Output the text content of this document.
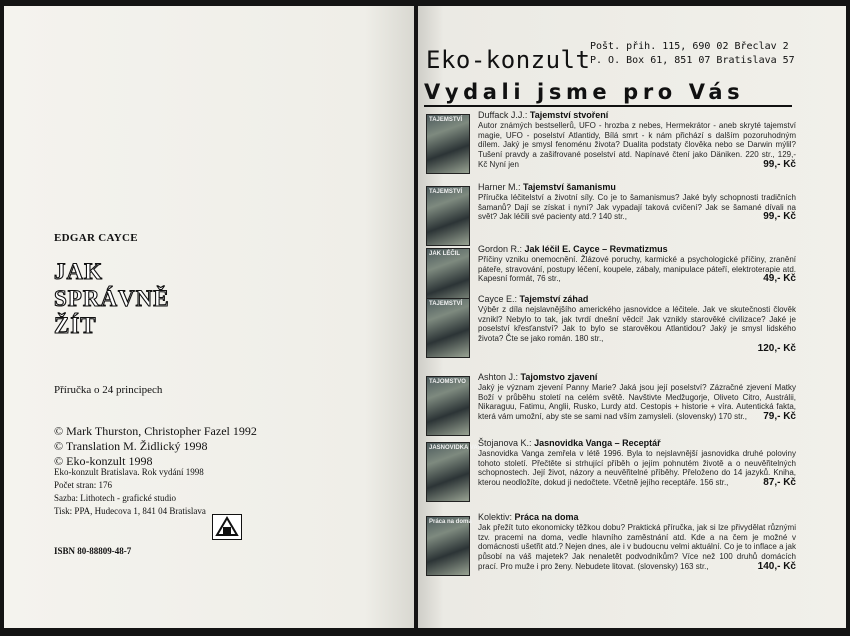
EDGAR CAYCE
JAK
SPRÁVNĚ
ŽÍT
Příručka o 24 principech
© Mark Thurston, Christopher Fazel 1992
© Translation M. Židlický 1998
© Eko-konzult 1998
Eko-konzult Bratislava. Rok vydání 1998
Počet stran: 176
Sazba: Lithotech - grafické studio
Tisk: PPA, Hudecova 1, 841 04 Bratislava
ISBN 80-88809-48-7
Eko-konzult Pošt. přih. 115, 690 02 Břeclav 2
P. O. Box 61, 851 07 Bratislava 57
Vydali jsme pro Vás
TAJEMSTVÍ	Duffack J.J.: Tajemství stvoření
Autor známých bestsellerů, UFO - hrozba z nebes, Hermekrátor - aneb skryté tajemství magie, UFO - poselství Atlantidy, Bílá smrt - k nám přichází s dalším pozoruhodným dílem. Jaký je smysl fenoménu života? Dualita podstaty člověka nebo se Darwin mýlil? Tušení pravdy a zašifrované poselství atd. Napínavé čtení jako Däniken. 220 str., 129,- Kč Nyní jen	99,- Kč
TAJEMSTVÍ	Harner M.: Tajemství šamanismu
Příručka léčitelství a životní síly. Co je to šamanismus? Jaké byly schopnosti tradičních šamanů? Dají se získat i nyní? Jak vypadají taková cvičení? Jak se šamané dívali na svět? Jak léčili své pacienty atd.? 140 str.,	99,- Kč
JAK LÉČIL	Gordon R.: Jak léčil E. Cayce – Revmatizmus
Příčiny vzniku onemocnění. Žlázové poruchy, karmické a psychologické příčiny, zranění páteře, stravování, postupy léčení, koupele, zábaly, manipulace páteří, elektroterapie atd. Kapesní formát, 76 str.,	49,- Kč
TAJEMSTVÍ	Cayce E.: Tajemství záhad
Výběr z díla nejslavnějšího amerického jasnovidce a léčitele. Jak ve skutečnosti člověk vznikl? Nebylo to tak, jak tvrdí dnešní vědci! Jak vznikly starověké civilizace? Jaké je poselství křesťanství? Jak to bylo se starověkou Atlantidou? Jaký je smysl lidského života? Čte se jako román. 180 str.,
120,- Kč
TAJOMSTVO Ashton J.: Tajomstvo zjavení
Jaký je význam zjevení Panny Marie? Jaká jsou její poselství? Zázračné zjevení Matky Boží v průběhu století na celém světě. Navštivte Medžugorje, Oliveto Citro, Austrálii, Nikaraguu, Fatimu, Anglii, Rusko, Lurdy atd. Cestopis + historie + víra. Autentická fakta, která vám umožní, aby ste se sami nad vším zamysleli. (slovensky) 170 str.,	79,- Kč
JASNOVIDKA VANGA
Štojanova K.: Jasnovidka Vanga – Receptář
Jasnovidka Vanga zemřela v létě 1996. Byla to nejslavnější jasnovidka druhé poloviny tohoto století. Přečtěte si strhující příběh o jejím pohnutém životě a o neuvěřitelných schopnostech. Její život, názory a neuvěřitelné příběhy. Přeloženo do 14 jazyků. Kniha, kterou neodložíte, dokud ji nedočtete. Včetně jejího receptáře. 156 str.,	87,- Kč
Práca na doma Kolektiv: Práca na doma
Jak přežít tuto ekonomicky těžkou dobu? Praktická příručka, jak si lze přivydělat různými tzv. pracemi na doma, vedle hlavního zaměstnání atd. Kde a na čem je možné v domácnosti ušetřit atd.? Nejen dnes, ale i v budoucnu velmi aktuální. Co je to inflace a jak působí na váš majetek? Jak nenaletět podvodníkům? Více než 100 druhů domácích prací. Pro muže i pro ženy. Nebudete litovat. (slovensky) 163 str.,	140,- Kč
